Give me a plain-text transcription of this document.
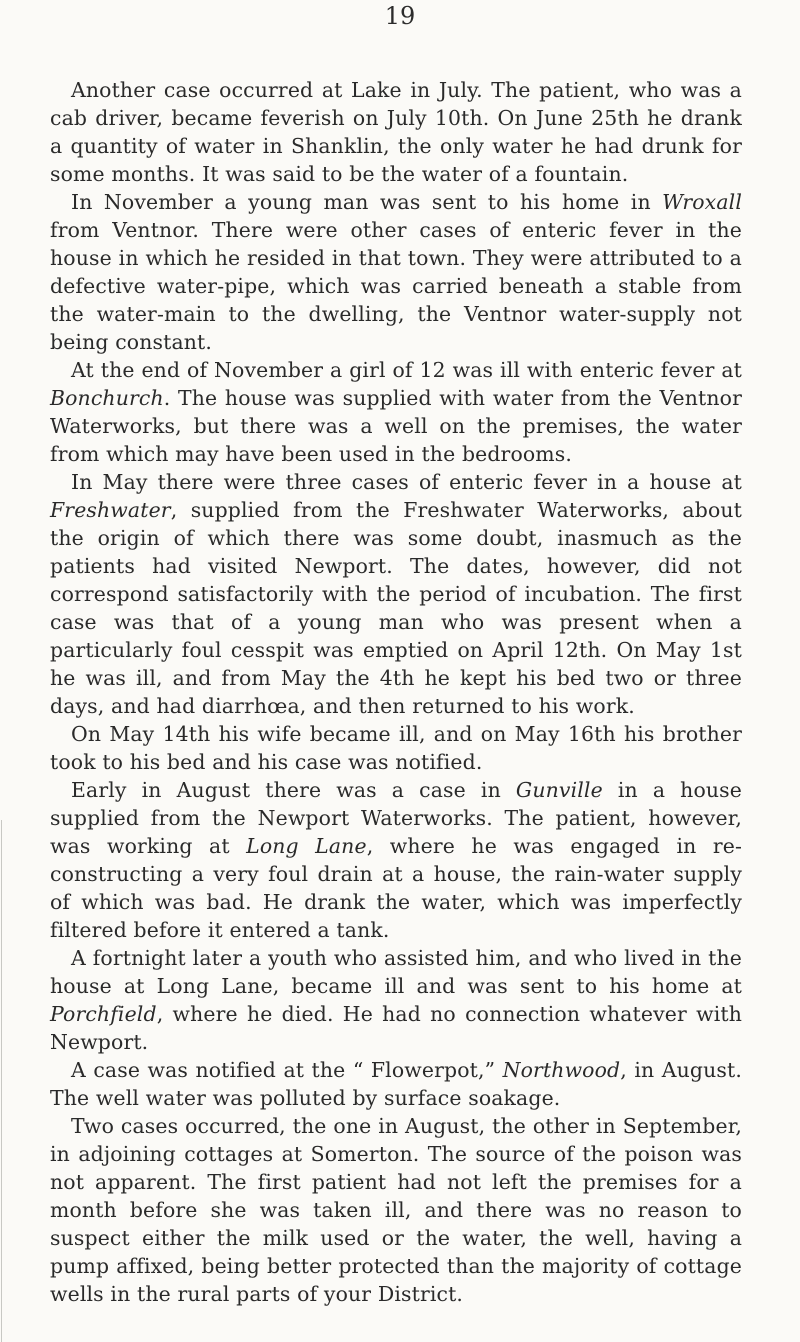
19

Another case occurred at Lake in July. The patient, who was a cab driver, became feverish on July 10th. On June 25th he drank a quantity of water in Shanklin, the only water he had drunk for some months. It was said to be the water of a fountain.

In November a young man was sent to his home in Wroxall from Ventnor. There were other cases of enteric fever in the house in which he resided in that town. They were attributed to a defective water-pipe, which was carried beneath a stable from the water-main to the dwelling, the Ventnor water-supply not being constant.

At the end of November a girl of 12 was ill with enteric fever at Bonchurch. The house was supplied with water from the Ventnor Waterworks, but there was a well on the premises, the water from which may have been used in the bedrooms.

In May there were three cases of enteric fever in a house at Freshwater, supplied from the Freshwater Waterworks, about the origin of which there was some doubt, inasmuch as the patients had visited Newport. The dates, however, did not correspond satisfactorily with the period of incubation. The first case was that of a young man who was present when a particularly foul cesspit was emptied on April 12th. On May 1st he was ill, and from May the 4th he kept his bed two or three days, and had diarrhœa, and then returned to his work.

On May 14th his wife became ill, and on May 16th his brother took to his bed and his case was notified.

Early in August there was a case in Gunville in a house supplied from the Newport Waterworks. The patient, however, was working at Long Lane, where he was engaged in re-constructing a very foul drain at a house, the rain-water supply of which was bad. He drank the water, which was imperfectly filtered before it entered a tank.

A fortnight later a youth who assisted him, and who lived in the house at Long Lane, became ill and was sent to his home at Porchfield, where he died. He had no connection whatever with Newport.

A case was notified at the “ Flowerpot,” Northwood, in August. The well water was polluted by surface soakage.

Two cases occurred, the one in August, the other in September, in adjoining cottages at Somerton. The source of the poison was not apparent. The first patient had not left the premises for a month before she was taken ill, and there was no reason to suspect either the milk used or the water, the well, having a pump affixed, being better protected than the majority of cottage wells in the rural parts of your District.
